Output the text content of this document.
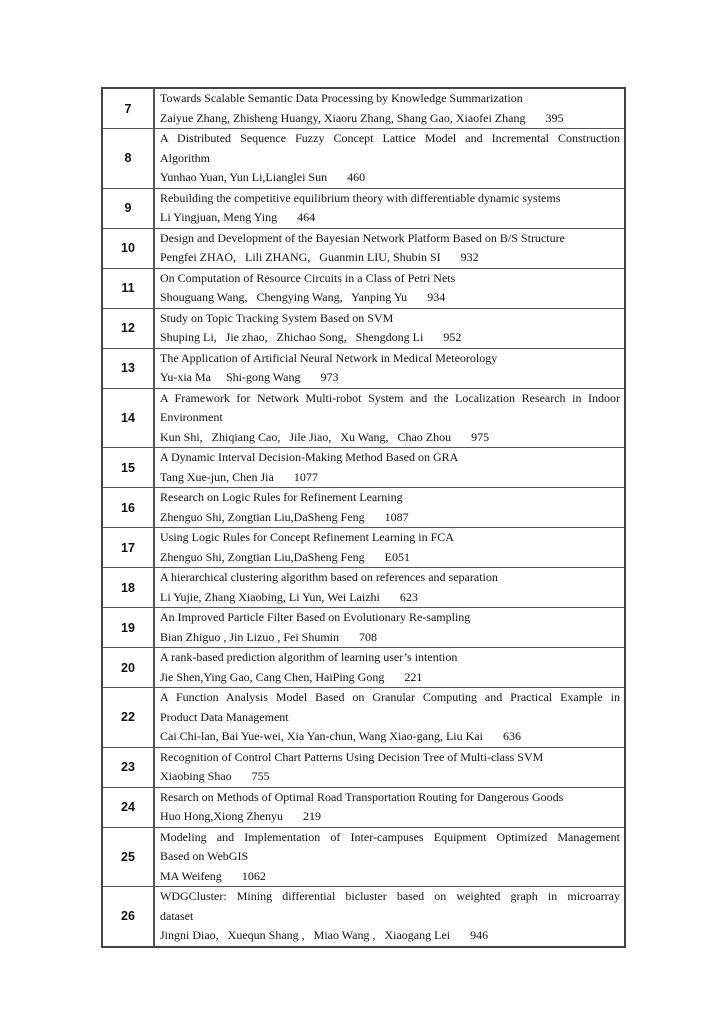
7
Towards Scalable Semantic Data Processing by Knowledge Summarization
Zaiyue Zhang, Zhisheng Huangy, Xiaoru Zhang, Shang Gao, Xiaofei Zhang 395
8
A Distributed Sequence Fuzzy Concept Lattice Model and Incremental Construction
Algorithm
Yunhao Yuan, Yun Li,Lianglei Sun 460
9
Rebuilding the competitive equilibrium theory with differentiable dynamic systems
Li Yingjuan, Meng Ying 464
10
Design and Development of the Bayesian Network Platform Based on B/S Structure
Pengfei ZHAO,   Lili ZHANG,   Guanmin LIU, Shubin SI 932
11
On Computation of Resource Circuits in a Class of Petri Nets
Shouguang Wang,   Chengying Wang,   Yanping Yu 934
12
Study on Topic Tracking System Based on SVM
Shuping Li,   Jie zhao,   Zhichao Song,   Shengdong Li 952
13
The Application of Artificial Neural Network in Medical Meteorology
Yu-xia Ma     Shi-gong Wang 973
14
A Framework for Network Multi-robot System and the Localization Research in Indoor
Environment
Kun Shi,   Zhiqiang Cao,   Jile Jiao,   Xu Wang,   Chao Zhou 975
15
A Dynamic Interval Decision-Making Method Based on GRA
Tang Xue-jun, Chen Jia 1077
16
Research on Logic Rules for Refinement Learning
Zhenguo Shi, Zongtian Liu,DaSheng Feng 1087
17
Using Logic Rules for Concept Refinement Learning in FCA
Zhenguo Shi, Zongtian Liu,DaSheng Feng E051
18
A hierarchical clustering algorithm based on references and separation
Li Yujie, Zhang Xiaobing, Li Yun, Wei Laizhi 623
19
An Improved Particle Filter Based on Evolutionary Re-sampling
Bian Zhiguo , Jin Lizuo , Fei Shumin 708
20
A rank-based prediction algorithm of learning user’s intention
Jie Shen,Ying Gao, Cang Chen, HaiPing Gong 221
22
A Function Analysis Model Based on Granular Computing and Practical Example in
Product Data Management
Cai Chi-lan, Bai Yue-wei, Xia Yan-chun, Wang Xiao-gang, Liu Kai 636
23
Recognition of Control Chart Patterns Using Decision Tree of Multi-class SVM
Xiaobing Shao 755
24
Resarch on Methods of Optimal Road Transportation Routing for Dangerous Goods
Huo Hong,Xiong Zhenyu 219
25
Modeling and Implementation of Inter-campuses Equipment Optimized Management
Based on WebGIS
MA Weifeng 1062
26
WDGCluster: Mining differential bicluster based on weighted graph in microarray
dataset
Jingni Diao,   Xuequn Shang ,   Miao Wang ,   Xiaogang Lei 946
